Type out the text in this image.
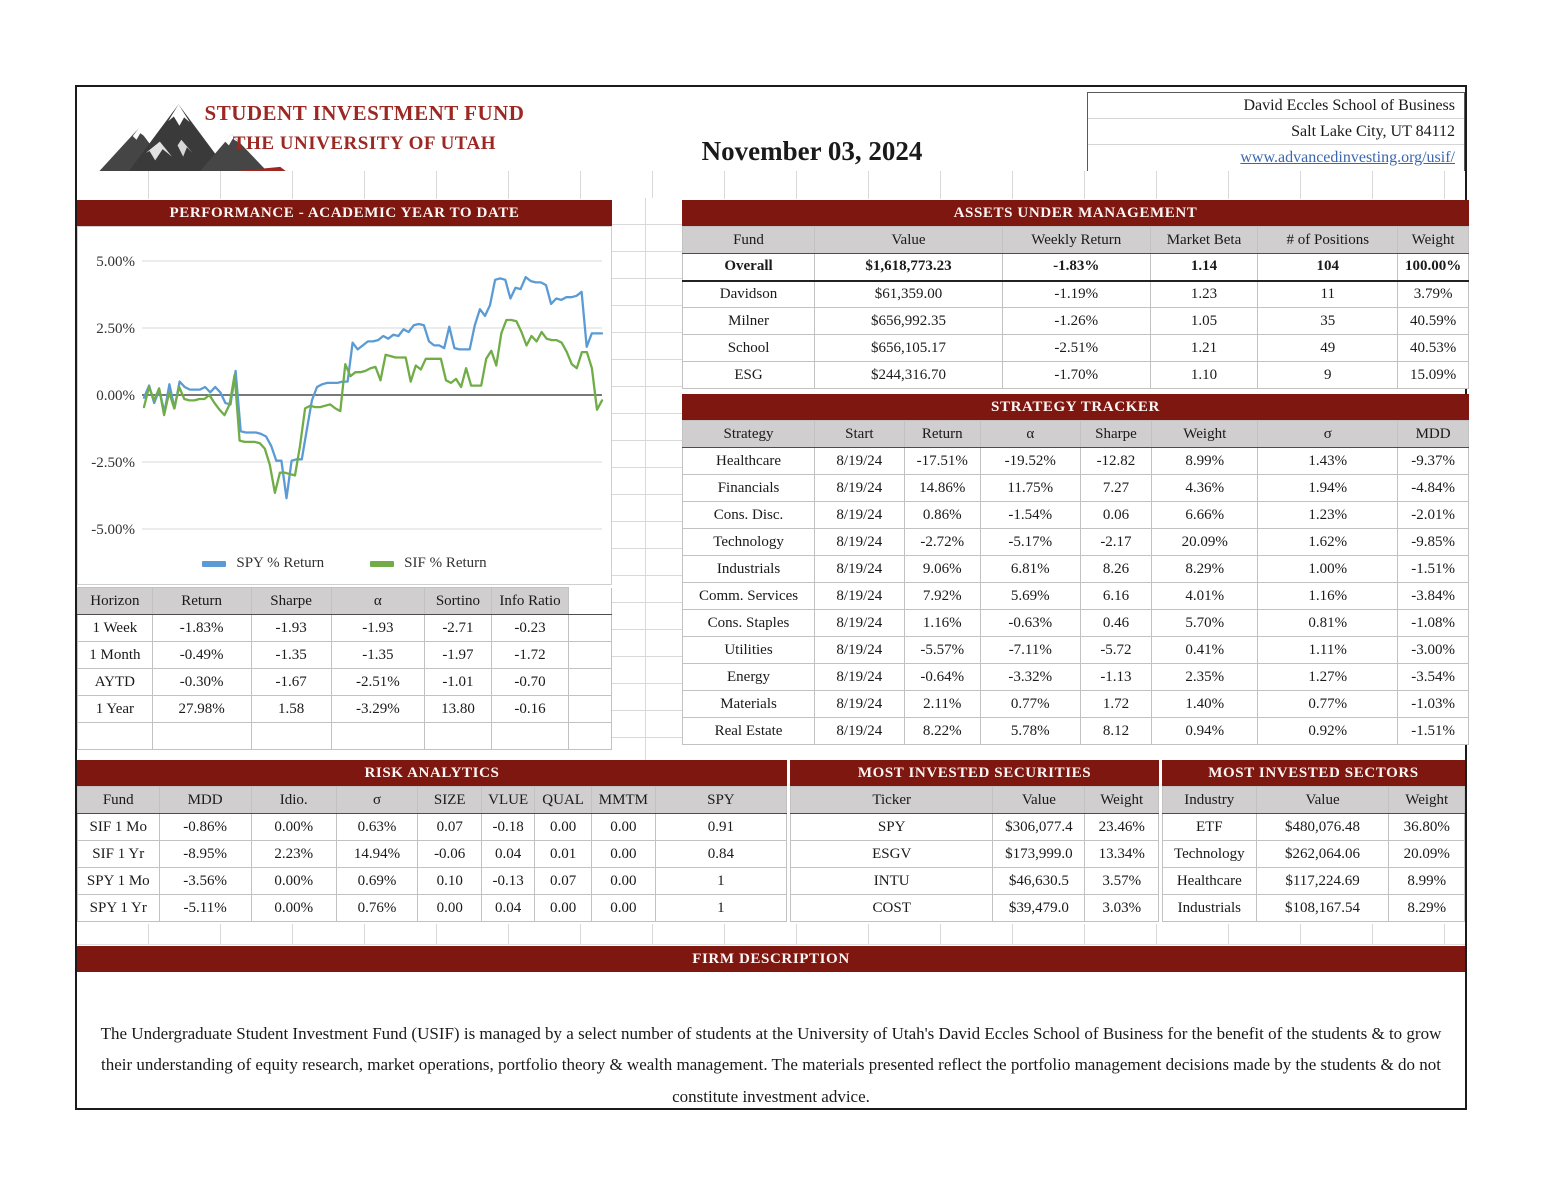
STUDENT INVESTMENT FUND
THE UNIVERSITY OF UTAH	November 03, 2024
David Eccles School of Business
Salt Lake City, UT 84112
www.advancedinvesting.org/usif/
PERFORMANCE - ACADEMIC YEAR TO DATE
5.00%
2.50%
0.00%
-2.50%
-5.00%
SPY % Return	SIF % Return
Horizon	Return	Sharpe	α	Sortino	Info Ratio	
1 Week	-1.83%	-1.93	-1.93	-2.71	-0.23	
1 Month	-0.49%	-1.35	-1.35	-1.97	-1.72	
AYTD	-0.30%	-1.67	-2.51%	-1.01	-0.70	
1 Year	27.98%	1.58	-3.29%	13.80	-0.16	

ASSETS UNDER MANAGEMENT
Fund	Value	Weekly Return	Market Beta	# of Positions	Weight
Overall	$1,618,773.23	-1.83%	1.14	104	100.00%
Davidson	$61,359.00	-1.19%	1.23	11	3.79%
Milner	$656,992.35	-1.26%	1.05	35	40.59%
School	$656,105.17	-2.51%	1.21	49	40.53%
ESG	$244,316.70	-1.70%	1.10	9	15.09%
STRATEGY TRACKER
Strategy	Start	Return	α	Sharpe	Weight	σ	MDD
Healthcare	8/19/24	-17.51%	-19.52%	-12.82	8.99%	1.43%	-9.37%
Financials	8/19/24	14.86%	11.75%	7.27	4.36%	1.94%	-4.84%
Cons. Disc.	8/19/24	0.86%	-1.54%	0.06	6.66%	1.23%	-2.01%
Technology	8/19/24	-2.72%	-5.17%	-2.17	20.09%	1.62%	-9.85%
Industrials	8/19/24	9.06%	6.81%	8.26	8.29%	1.00%	-1.51%
Comm. Services	8/19/24	7.92%	5.69%	6.16	4.01%	1.16%	-3.84%
Cons. Staples	8/19/24	1.16%	-0.63%	0.46	5.70%	0.81%	-1.08%
Utilities	8/19/24	-5.57%	-7.11%	-5.72	0.41%	1.11%	-3.00%
Energy	8/19/24	-0.64%	-3.32%	-1.13	2.35%	1.27%	-3.54%
Materials	8/19/24	2.11%	0.77%	1.72	1.40%	0.77%	-1.03%
Real Estate	8/19/24	8.22%	5.78%	8.12	0.94%	0.92%	-1.51%
RISK ANALYTICS
Fund	MDD	Idio.	σ	SIZE	VLUE	QUAL	MMTM	SPY
SIF 1 Mo	-0.86%	0.00%	0.63%	0.07	-0.18	0.00	0.00	0.91
SIF 1 Yr	-8.95%	2.23%	14.94%	-0.06	0.04	0.01	0.00	0.84
SPY 1 Mo	-3.56%	0.00%	0.69%	0.10	-0.13	0.07	0.00	1
SPY 1 Yr	-5.11%	0.00%	0.76%	0.00	0.04	0.00	0.00	1
MOST INVESTED SECURITIES
Ticker	Value	Weight
SPY	$306,077.4	23.46%
ESGV	$173,999.0	13.34%
INTU	$46,630.5	3.57%
COST	$39,479.0	3.03%
MOST INVESTED SECTORS
Industry	Value	Weight
ETF	$480,076.48	36.80%
Technology	$262,064.06	20.09%
Healthcare	$117,224.69	8.99%
Industrials	$108,167.54	8.29%
FIRM DESCRIPTION
The Undergraduate Student Investment Fund (USIF) is managed by a select number of students at the University of Utah's David Eccles School of Business for the benefit of the students & to grow their understanding of equity research, market operations, portfolio theory & wealth management. The materials presented reflect the portfolio management decisions made by the students & do not constitute investment advice.
